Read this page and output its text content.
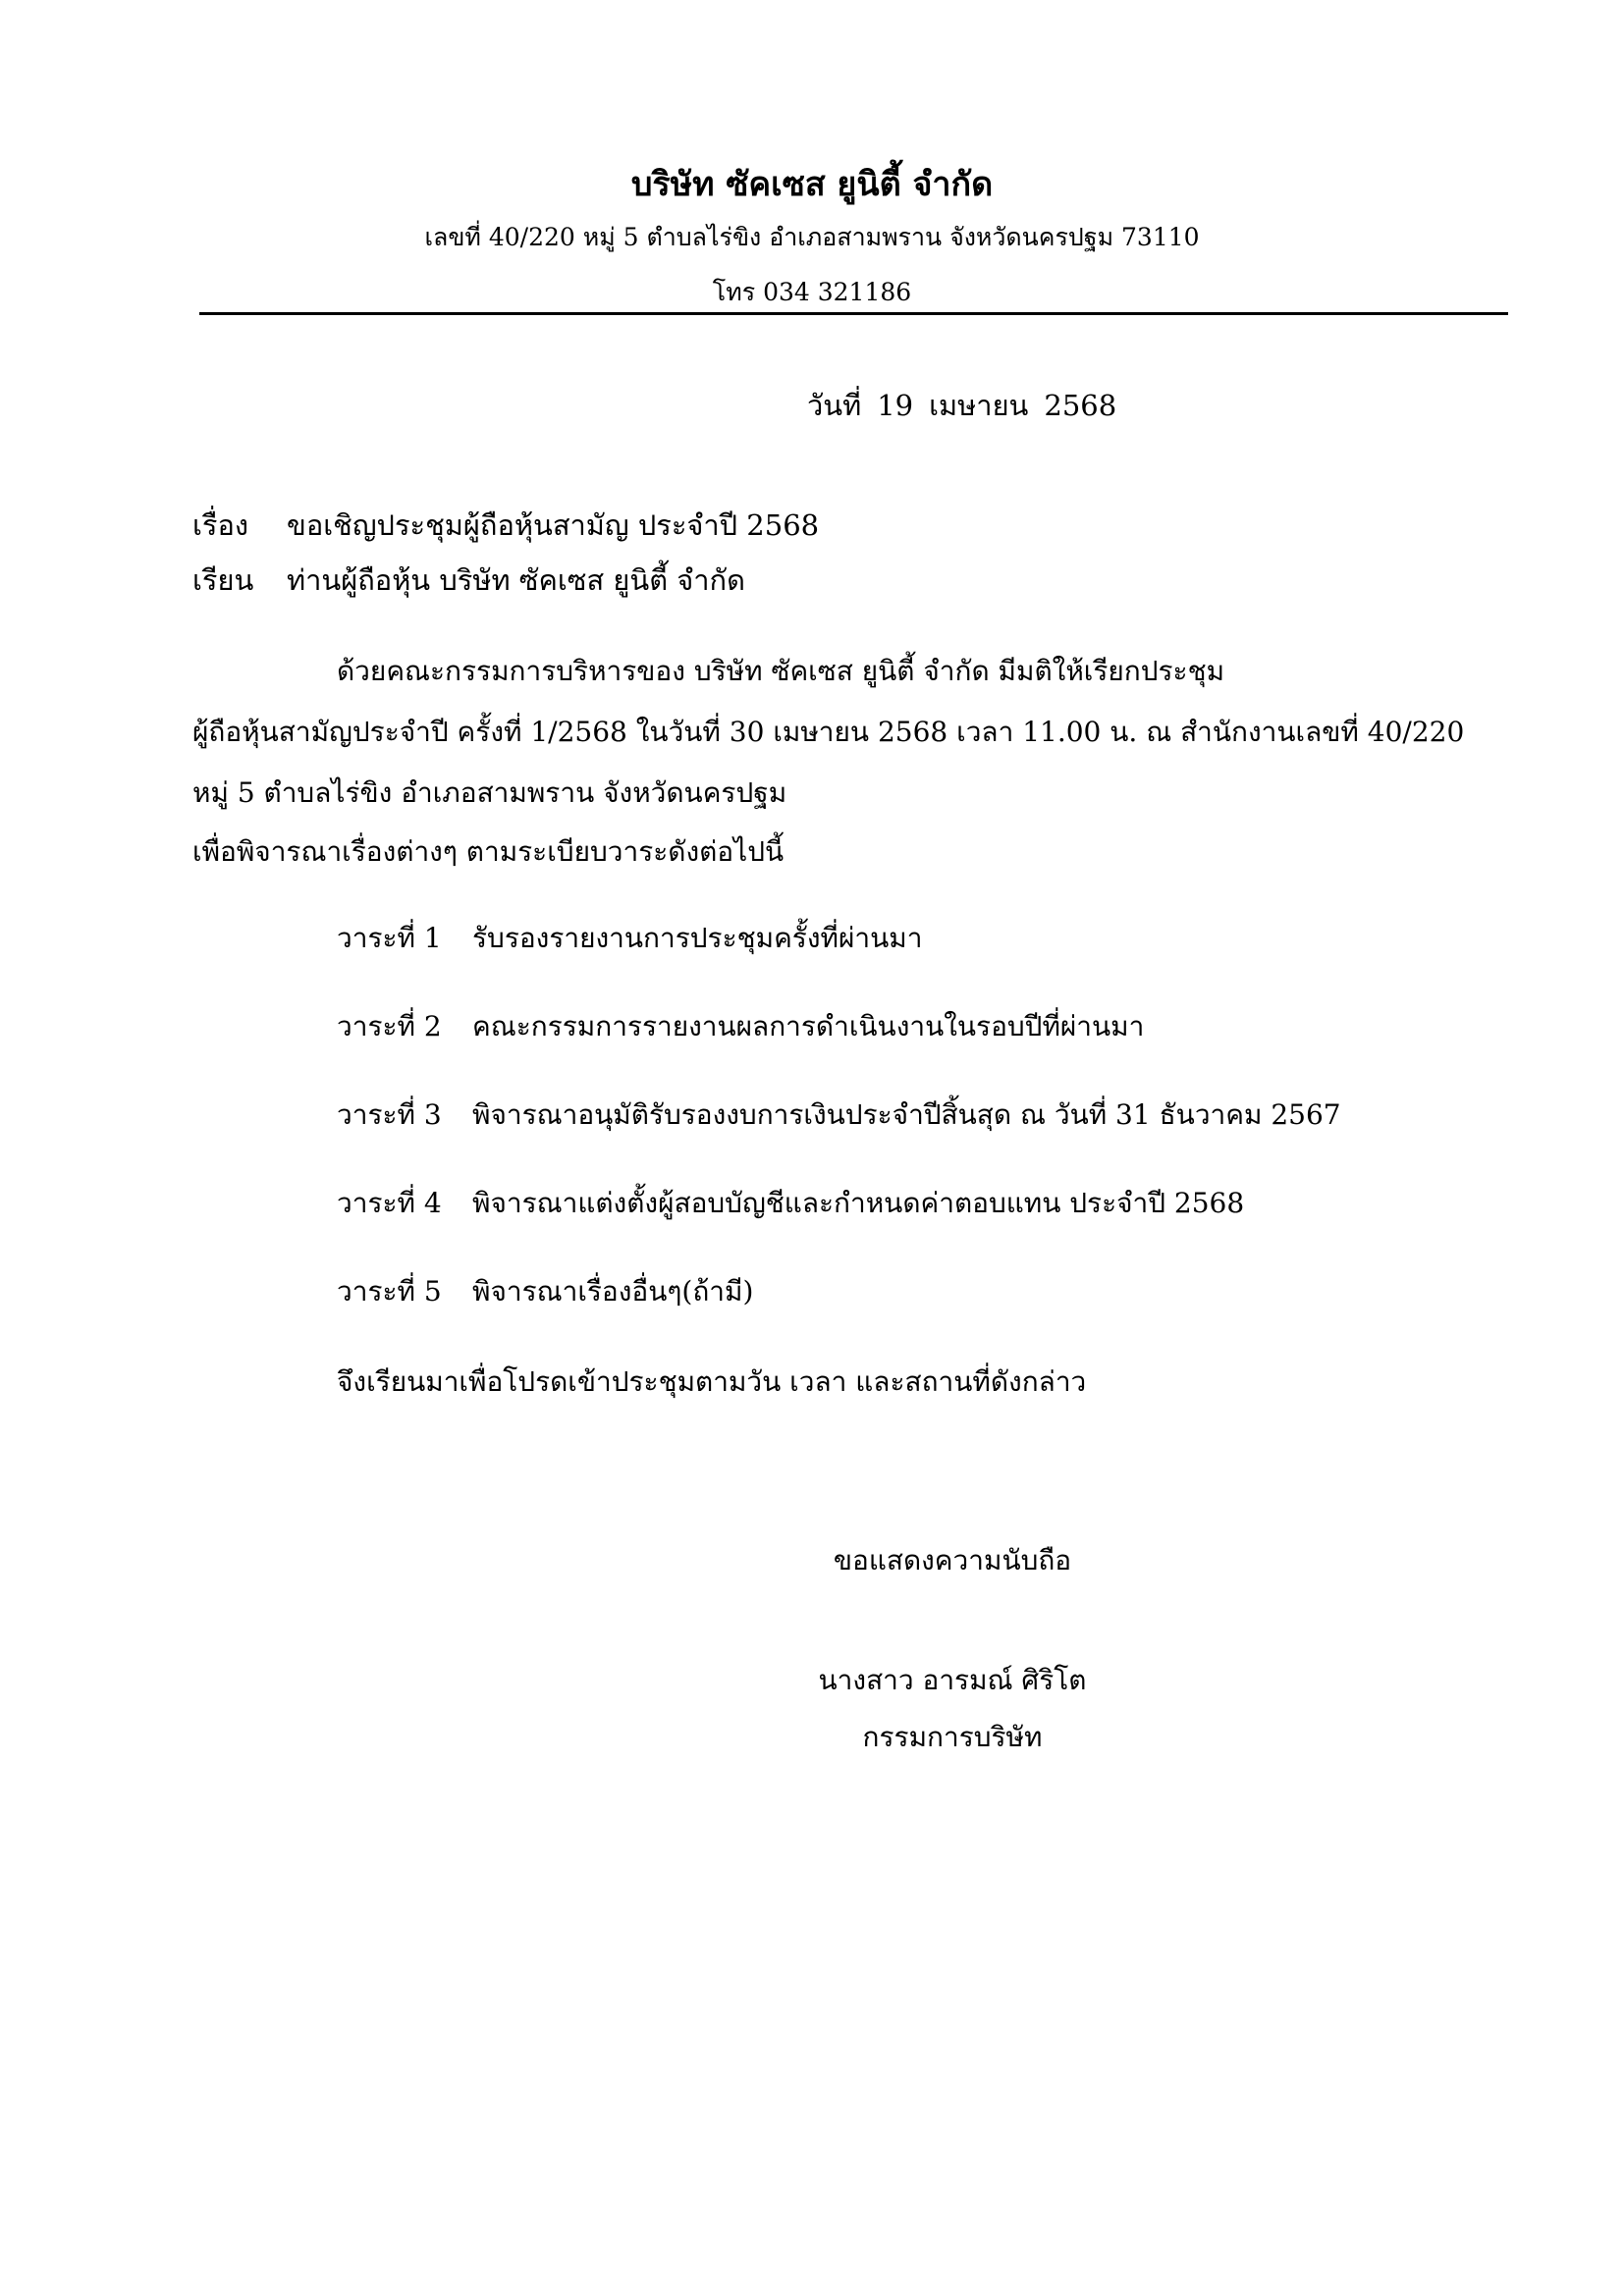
บริษัท ซัคเซส ยูนิตี้ จำกัด
เลขที่ 40/220 หมู่ 5 ตำบลไร่ขิง อำเภอสามพราน จังหวัดนครปฐม 73110
โทร 034 321186
วันที่ 19 เมษายน 2568
เรื่อง ขอเชิญประชุมผู้ถือหุ้นสามัญ ประจำปี 2568
เรียน ท่านผู้ถือหุ้น บริษัท ซัคเซส ยูนิตี้ จำกัด
ด้วยคณะกรรมการบริหารของ บริษัท ซัคเซส ยูนิตี้ จำกัด มีมติให้เรียกประชุม
ผู้ถือหุ้นสามัญประจำปี ครั้งที่ 1/2568 ในวันที่ 30 เมษายน 2568 เวลา 11.00 น. ณ สำนักงานเลขที่ 40/220
หมู่ 5 ตำบลไร่ขิง อำเภอสามพราน จังหวัดนครปฐม
เพื่อพิจารณาเรื่องต่างๆ ตามระเบียบวาระดังต่อไปนี้
วาระที่ 1 รับรองรายงานการประชุมครั้งที่ผ่านมา
วาระที่ 2 คณะกรรมการรายงานผลการดำเนินงานในรอบปีที่ผ่านมา
วาระที่ 3 พิจารณาอนุมัติรับรองงบการเงินประจำปีสิ้นสุด ณ วันที่ 31 ธันวาคม 2567
วาระที่ 4 พิจารณาแต่งตั้งผู้สอบบัญชีและกำหนดค่าตอบแทน ประจำปี 2568
วาระที่ 5 พิจารณาเรื่องอื่นๆ(ถ้ามี)
จึงเรียนมาเพื่อโปรดเข้าประชุมตามวัน เวลา และสถานที่ดังกล่าว
ขอแสดงความนับถือ
นางสาว อารมณ์ ศิริโต
กรรมการบริษัท
